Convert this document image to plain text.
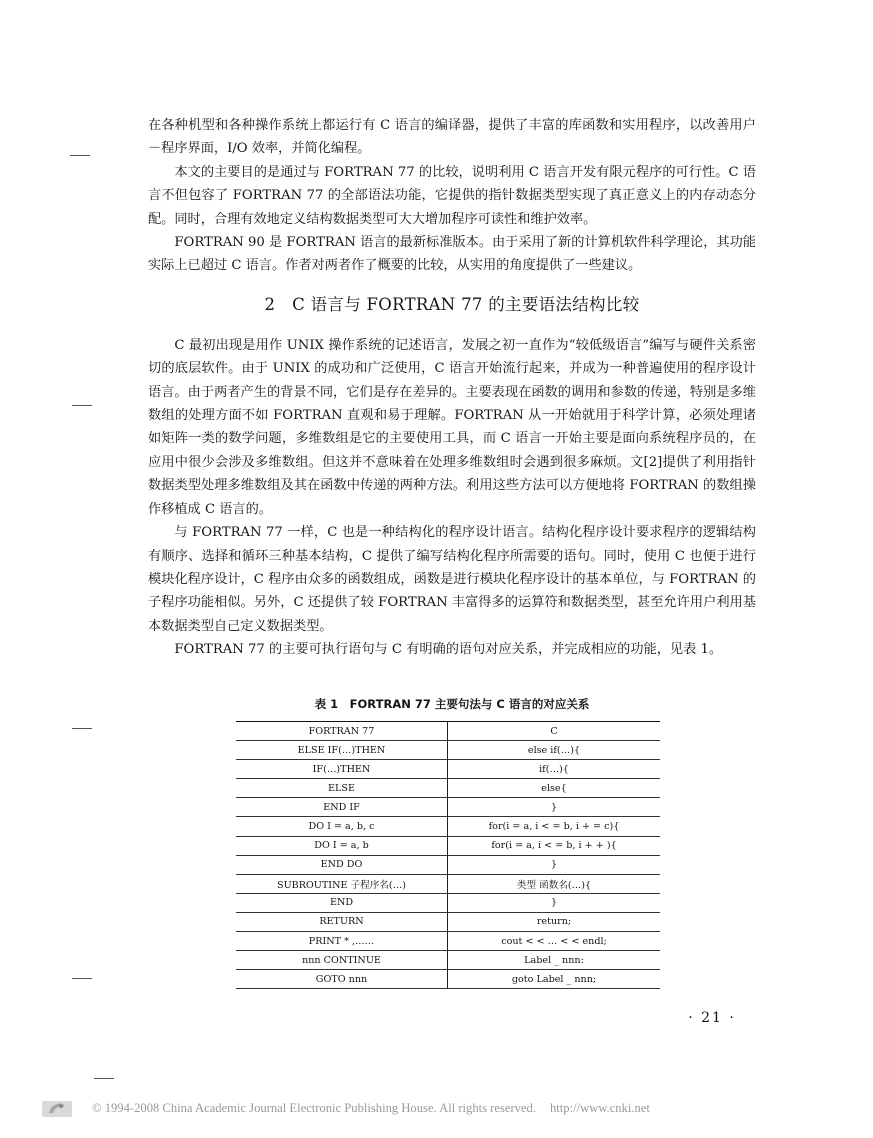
在各种机型和各种操作系统上都运行有 C 语言的编译器，提供了丰富的库函数和实用程序，以改善用户－程序界面，I/O 效率，并简化编程。

本文的主要目的是通过与 FORTRAN 77 的比较，说明利用 C 语言开发有限元程序的可行性。C 语言不但包容了 FORTRAN 77 的全部语法功能，它提供的指针数据类型实现了真正意义上的内存动态分配。同时，合理有效地定义结构数据类型可大大增加程序可读性和维护效率。

FORTRAN 90 是 FORTRAN 语言的最新标准版本。由于采用了新的计算机软件科学理论，其功能实际上已超过 C 语言。作者对两者作了概要的比较，从实用的角度提供了一些建议。

2　C 语言与 FORTRAN 77 的主要语法结构比较

C 最初出现是用作 UNIX 操作系统的记述语言，发展之初一直作为“较低级语言”编写与硬件关系密切的底层软件。由于 UNIX 的成功和广泛使用，C 语言开始流行起来，并成为一种普遍使用的程序设计语言。由于两者产生的背景不同，它们是存在差异的。主要表现在函数的调用和参数的传递，特别是多维数组的处理方面不如 FORTRAN 直观和易于理解。FORTRAN 从一开始就用于科学计算，必须处理诸如矩阵一类的数学问题，多维数组是它的主要使用工具，而 C 语言一开始主要是面向系统程序员的，在应用中很少会涉及多维数组。但这并不意味着在处理多维数组时会遇到很多麻烦。文[2]提供了利用指针数据类型处理多维数组及其在函数中传递的两种方法。利用这些方法可以方便地将 FORTRAN 的数组操作移植成 C 语言的。

与 FORTRAN 77 一样，C 也是一种结构化的程序设计语言。结构化程序设计要求程序的逻辑结构有顺序、选择和循环三种基本结构，C 提供了编写结构化程序所需要的语句。同时，使用 C 也便于进行模块化程序设计，C 程序由众多的函数组成，函数是进行模块化程序设计的基本单位，与 FORTRAN 的子程序功能相似。另外，C 还提供了较 FORTRAN 丰富得多的运算符和数据类型，甚至允许用户利用基本数据类型自己定义数据类型。

FORTRAN 77 的主要可执行语句与 C 有明确的语句对应关系，并完成相应的功能，见表 1。

表 1　FORTRAN 77 主要句法与 C 语言的对应关系
FORTRAN 77	C
ELSE IF(…)THEN	else if(…){
IF(…)THEN	if(…){
ELSE	else{
END IF	}
DO I = a, b, c	for(i = a, i < = b, i + = c){
DO I = a, b	for(i = a, i < = b, i + + ){
END DO	}
SUBROUTINE 子程序名(…)	类型 函数名(…){
END	}
RETURN	return;
PRINT * ,……	cout < < … < < endl;
nnn CONTINUE	Label _ nnn:
GOTO nnn	goto Label _ nnn;
· 21 ·
© 1994-2008 China Academic Journal Electronic Publishing House. All rights reserved. http://www.cnki.net
